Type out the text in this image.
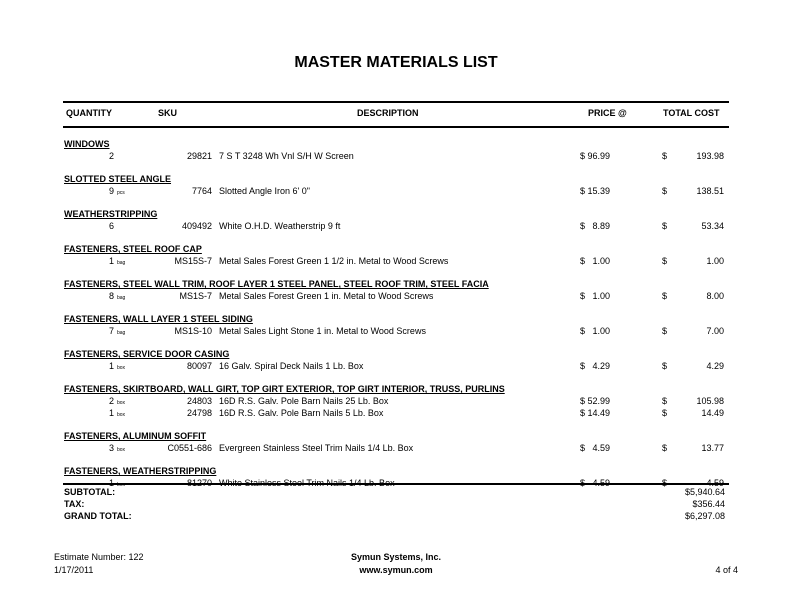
MASTER MATERIALS LIST
QUANTITY	SKU	DESCRIPTION	PRICE @	TOTAL COST
WINDOWS
2	29821 7 S T 3248 Wh Vnl S/H W Screen	$ 96.99	$	193.98
SLOTTED STEEL ANGLE
9 pcs	7764 Slotted Angle Iron 6' 0"	$ 15.39	$	138.51
WEATHERSTRIPPING
6	409492 White O.H.D. Weatherstrip 9 ft	$ 8.89	$	53.34
FASTENERS, STEEL ROOF CAP
1 bag	MS15S-7 Metal Sales Forest Green 1 1/2 in. Metal to Wood Screws	$ 1.00	$	1.00
FASTENERS, STEEL WALL TRIM, ROOF LAYER 1 STEEL PANEL, STEEL ROOF TRIM, STEEL FACIA
8 bag	MS1S-7 Metal Sales Forest Green 1 in. Metal to Wood Screws	$ 1.00	$	8.00
FASTENERS, WALL LAYER 1 STEEL SIDING
7 bag	MS1S-10 Metal Sales Light Stone 1 in. Metal to Wood Screws	$ 1.00	$	7.00
FASTENERS, SERVICE DOOR CASING
1 box	80097 16 Galv. Spiral Deck Nails 1 Lb. Box	$ 4.29	$	4.29
FASTENERS, SKIRTBOARD, WALL GIRT, TOP GIRT EXTERIOR, TOP GIRT INTERIOR, TRUSS, PURLINS
2 box	24803 16D R.S. Galv. Pole Barn Nails 25 Lb. Box	$ 52.99	$	105.98
1 box	24798 16D R.S. Galv. Pole Barn Nails 5 Lb. Box	$ 14.49	$	14.49
FASTENERS, ALUMINUM SOFFIT
3 box	C0551-686 Evergreen Stainless Steel Trim Nails 1/4 Lb. Box	$ 4.59	$	13.77
FASTENERS, WEATHERSTRIPPING
1 box	81270 White Stainless Steel Trim Nails 1/4 Lb. Box	$ 4.59	$	4.59
SUBTOTAL:	$5,940.64
TAX:	$356.44
GRAND TOTAL:	$6,297.08
Estimate Number: 122
1/17/2011
Symun Systems, Inc.
www.symun.com	4 of 4
